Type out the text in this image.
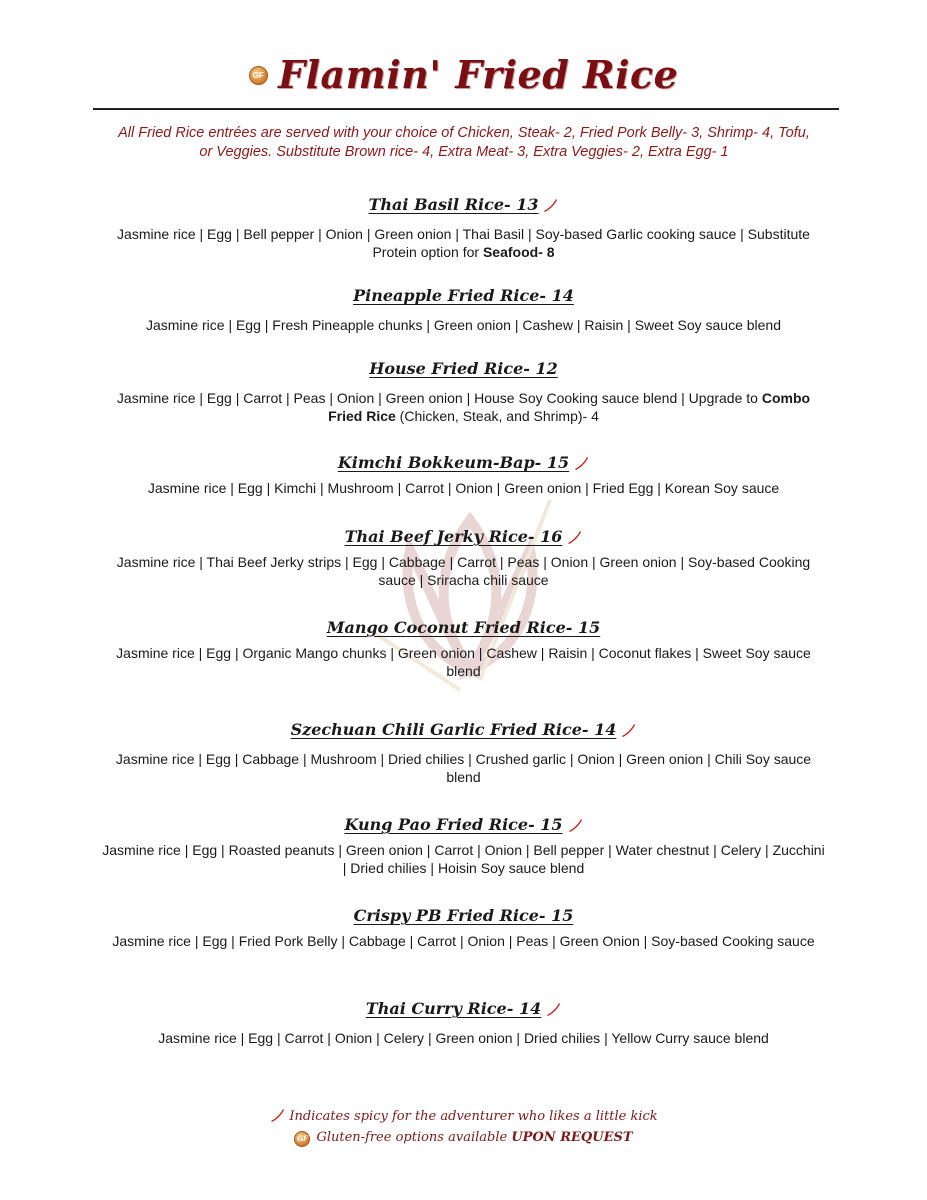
GF Flamin' Fried Rice
All Fried Rice entrées are served with your choice of Chicken, Steak- 2, Fried Pork Belly- 3, Shrimp- 4, Tofu, or Veggies. Substitute Brown rice- 4, Extra Meat- 3, Extra Veggies- 2, Extra Egg- 1
Thai Basil Rice- 13
Jasmine rice | Egg | Bell pepper | Onion | Green onion | Thai Basil | Soy-based Garlic cooking sauce | Substitute Protein option for Seafood- 8
Pineapple Fried Rice- 14
Jasmine rice | Egg | Fresh Pineapple chunks | Green onion | Cashew | Raisin | Sweet Soy sauce blend
House Fried Rice- 12
Jasmine rice | Egg | Carrot | Peas | Onion | Green onion | House Soy Cooking sauce blend | Upgrade to Combo Fried Rice (Chicken, Steak, and Shrimp)- 4
Kimchi Bokkeum-Bap- 15
Jasmine rice | Egg | Kimchi | Mushroom | Carrot | Onion | Green onion | Fried Egg | Korean Soy sauce
Thai Beef Jerky Rice- 16
Jasmine rice | Thai Beef Jerky strips | Egg | Cabbage | Carrot | Peas | Onion | Green onion | Soy-based Cooking sauce | Sriracha chili sauce
Mango Coconut Fried Rice- 15
Jasmine rice | Egg | Organic Mango chunks | Green onion | Cashew | Raisin | Coconut flakes | Sweet Soy sauce blend
Szechuan Chili Garlic Fried Rice- 14
Jasmine rice | Egg | Cabbage | Mushroom | Dried chilies | Crushed garlic | Onion | Green onion | Chili Soy sauce blend
Kung Pao Fried Rice- 15
Jasmine rice | Egg | Roasted peanuts | Green onion | Carrot | Onion | Bell pepper | Water chestnut | Celery | Zucchini | Dried chilies | Hoisin Soy sauce blend
Crispy PB Fried Rice- 15
Jasmine rice | Egg | Fried Pork Belly | Cabbage | Carrot | Onion | Peas | Green Onion | Soy-based Cooking sauce
Thai Curry Rice- 14
Jasmine rice | Egg | Carrot | Onion | Celery | Green onion | Dried chilies | Yellow Curry sauce blend
Indicates spicy for the adventurer who likes a little kick
GF Gluten-free options available UPON REQUEST
